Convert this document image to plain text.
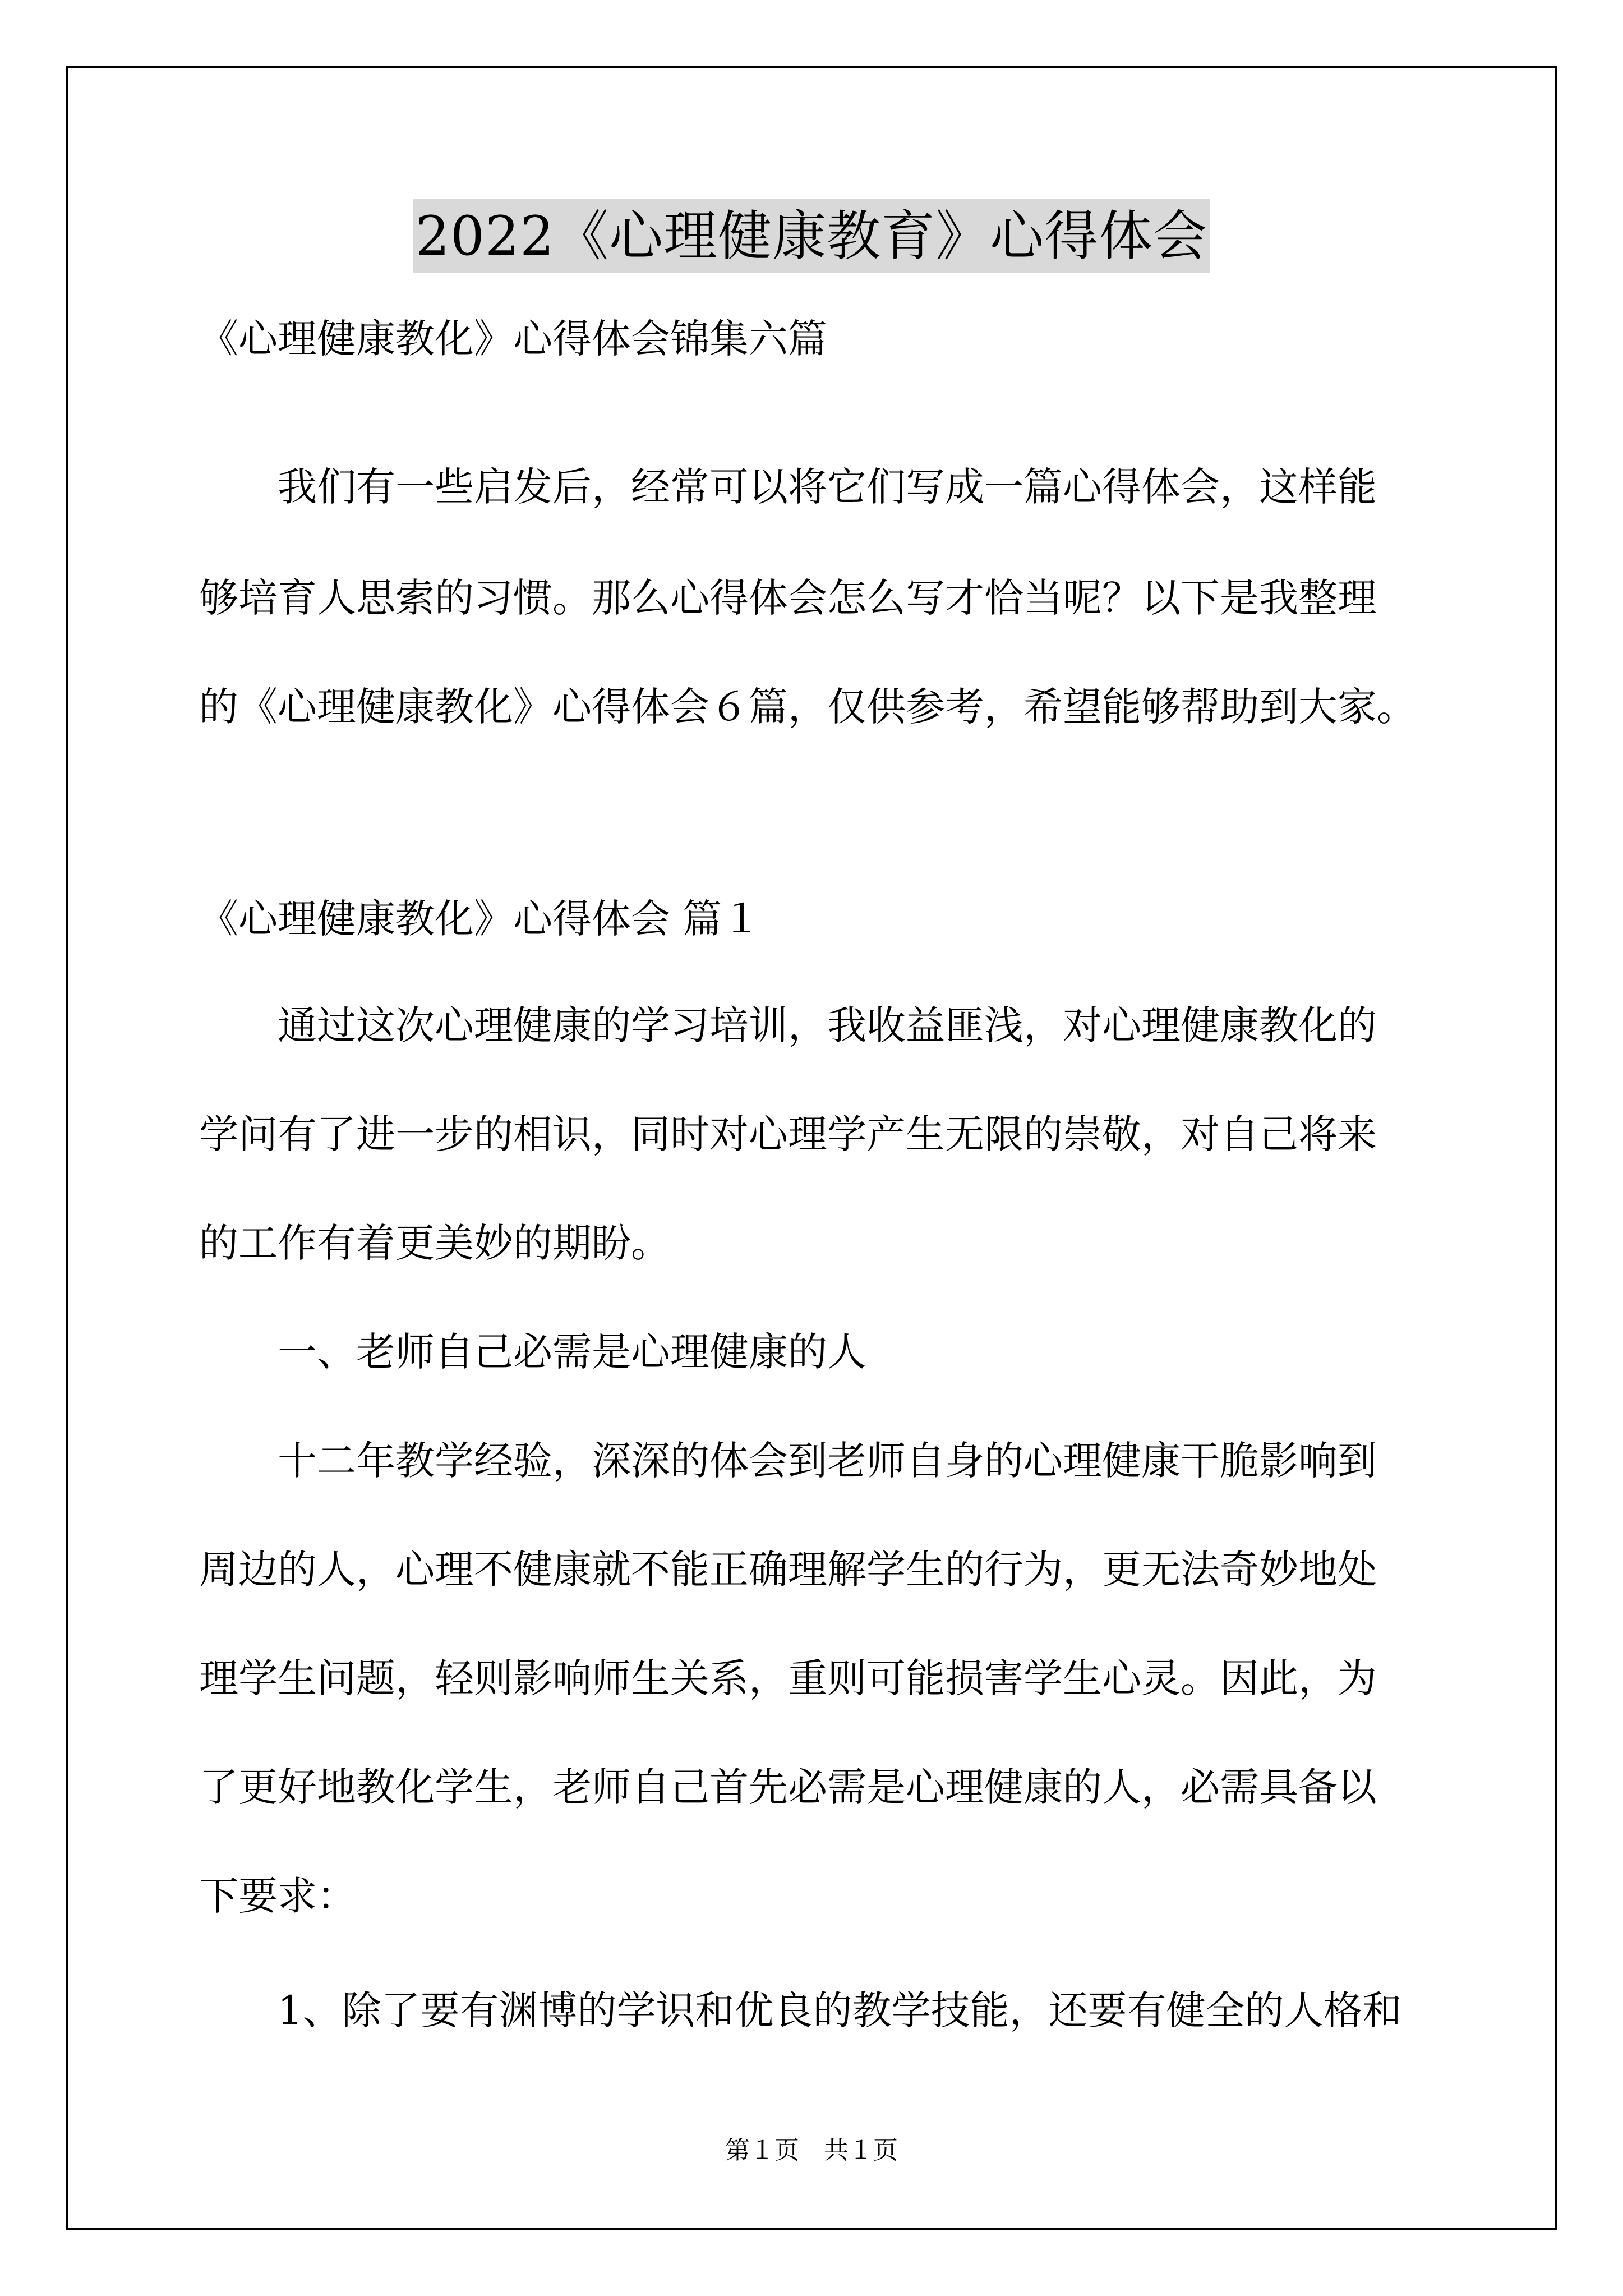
2022《心理健康教育》心得体会
《心理健康教化》心得体会锦集六篇
我们有一些启发后，经常可以将它们写成一篇心得体会，这样能
够培育人思索的习惯。那么心得体会怎么写才恰当呢？以下是我整理
的《心理健康教化》心得体会６篇，仅供参考，希望能够帮助到大家。
《心理健康教化》心得体会 篇１
通过这次心理健康的学习培训，我收益匪浅，对心理健康教化的
学问有了进一步的相识，同时对心理学产生无限的崇敬，对自己将来
的工作有着更美妙的期盼。
一、老师自己必需是心理健康的人
十二年教学经验，深深的体会到老师自身的心理健康干脆影响到
周边的人，心理不健康就不能正确理解学生的行为，更无法奇妙地处
理学生问题，轻则影响师生关系，重则可能损害学生心灵。因此，为
了更好地教化学生，老师自己首先必需是心理健康的人，必需具备以
下要求：
1、除了要有渊博的学识和优良的教学技能，还要有健全的人格和
第１页　共１页
